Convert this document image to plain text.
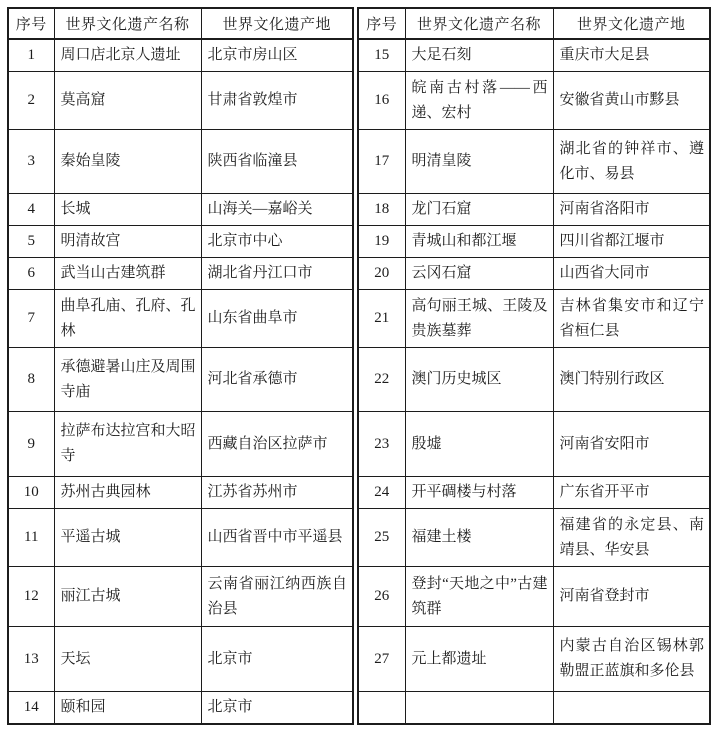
序号	世界文化遗产名称	世界文化遗产地
1	周口店北京人遗址	北京市房山区
2	莫高窟	甘肃省敦煌市
3	秦始皇陵	陕西省临潼县
4	长城	山海关—嘉峪关
5	明清故宫	北京市中心
6	武当山古建筑群	湖北省丹江口市
7	曲阜孔庙、孔府、孔林	山东省曲阜市
8	承德避暑山庄及周围寺庙	河北省承德市
9	拉萨布达拉宫和大昭寺	西藏自治区拉萨市
10	苏州古典园林	江苏省苏州市
11	平遥古城	山西省晋中市平遥县
12	丽江古城	云南省丽江纳西族自治县
13	天坛	北京市
14	颐和园	北京市
序号	世界文化遗产名称	世界文化遗产地
15	大足石刻	重庆市大足县
16	皖南古村落——西递、宏村	安徽省黄山市黟县
17	明清皇陵	湖北省的钟祥市、遵化市、易县
18	龙门石窟	河南省洛阳市
19	青城山和都江堰	四川省都江堰市
20	云冈石窟	山西省大同市
21	高句丽王城、王陵及贵族墓葬	吉林省集安市和辽宁省桓仁县
22	澳门历史城区	澳门特别行政区
23	殷墟	河南省安阳市
24	开平碉楼与村落	广东省开平市
25	福建土楼	福建省的永定县、南靖县、华安县
26	登封“天地之中”古建筑群	河南省登封市
27	元上都遗址	内蒙古自治区锡林郭勒盟正蓝旗和多伦县
